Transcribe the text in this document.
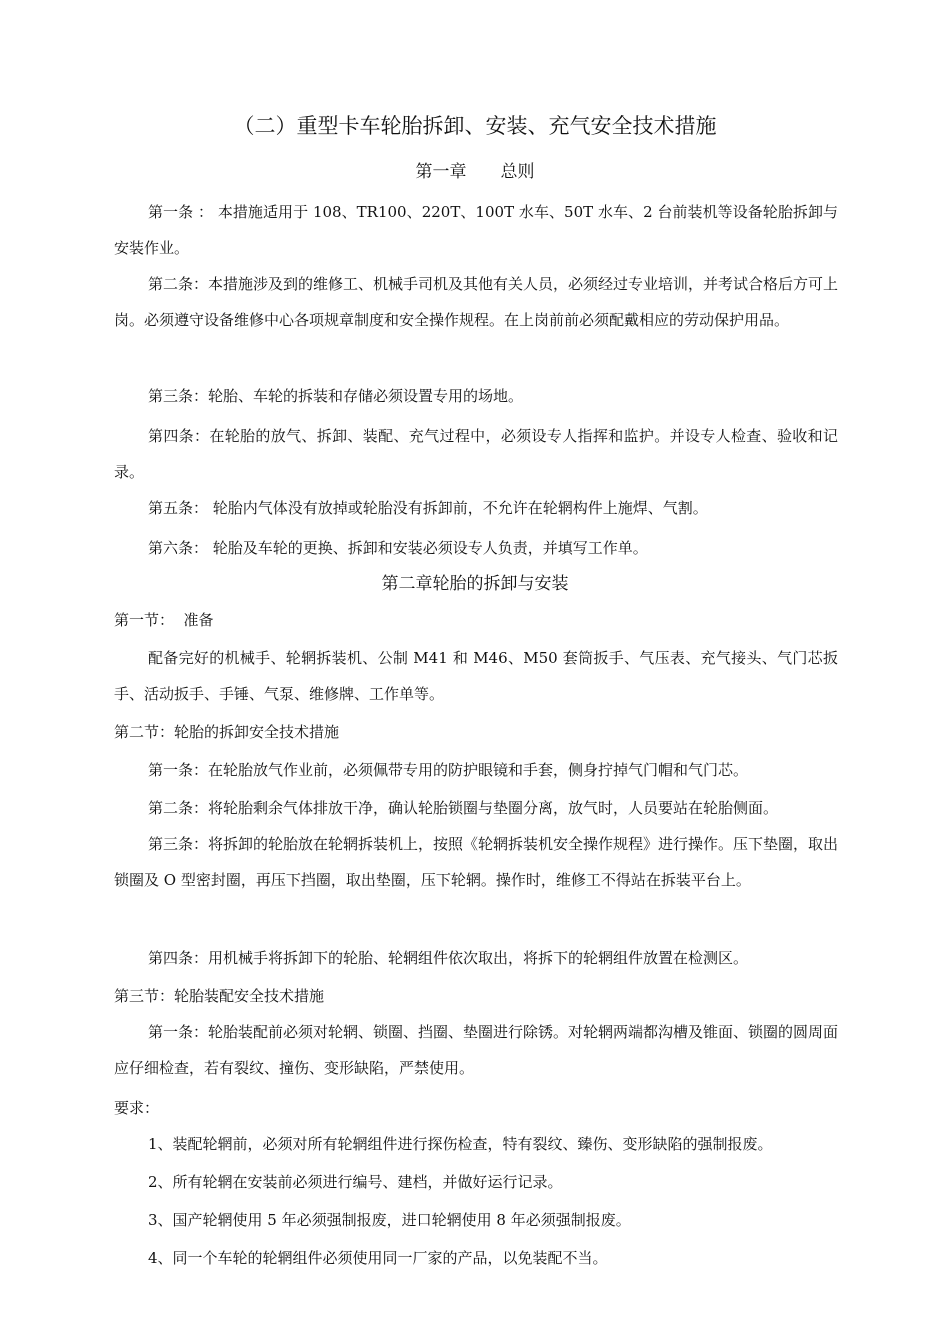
（二）重型卡车轮胎拆卸、安装、充气安全技术措施
第一章　　总则
第一条 ： 本措施适用于 108、TR100、220T、100T 水车、50T 水车、2 台前装机等设备轮胎拆卸与安装作业。
第二条：本措施涉及到的维修工、机械手司机及其他有关人员，必须经过专业培训，并考试合格后方可上岗。必须遵守设备维修中心各项规章制度和安全操作规程。在上岗前前必须配戴相应的劳动保护用品。
第三条：轮胎、车轮的拆装和存储必须设置专用的场地。
第四条：在轮胎的放气、拆卸、装配、充气过程中，必须设专人指挥和监护。并设专人检查、验收和记录。
第五条： 轮胎内气体没有放掉或轮胎没有拆卸前，不允许在轮辋构件上施焊、气割。
第六条： 轮胎及车轮的更换、拆卸和安装必须设专人负责，并填写工作单。
第二章轮胎的拆卸与安装
第一节：  准备
配备完好的机械手、轮辋拆装机、公制 M41 和 M46、M50 套筒扳手、气压表、充气接头、气门芯扳手、活动扳手、手锤、气泵、维修牌、工作单等。
第二节：轮胎的拆卸安全技术措施
第一条：在轮胎放气作业前，必须佩带专用的防护眼镜和手套，侧身拧掉气门帽和气门芯。
第二条：将轮胎剩余气体排放干净，确认轮胎锁圈与垫圈分离，放气时，人员要站在轮胎侧面。
第三条：将拆卸的轮胎放在轮辋拆装机上，按照《轮辋拆装机安全操作规程》进行操作。压下垫圈，取出锁圈及 O 型密封圈，再压下挡圈，取出垫圈，压下轮辋。操作时，维修工不得站在拆装平台上。
第四条：用机械手将拆卸下的轮胎、轮辋组件依次取出，将拆下的轮辋组件放置在检测区。
第三节：轮胎装配安全技术措施
第一条：轮胎装配前必须对轮辋、锁圈、挡圈、垫圈进行除锈。对轮辋两端都沟槽及锥面、锁圈的圆周面应仔细检查，若有裂纹、撞伤、变形缺陷，严禁使用。
要求：
1、装配轮辋前，必须对所有轮辋组件进行探伤检查，特有裂纹、臻伤、变形缺陷的强制报废。
2、所有轮辋在安装前必须进行编号、建档，并做好运行记录。
3、国产轮辋使用 5 年必须强制报废，进口轮辋使用 8 年必须强制报废。
4、同一个车轮的轮辋组件必须使用同一厂家的产品，以免装配不当。
